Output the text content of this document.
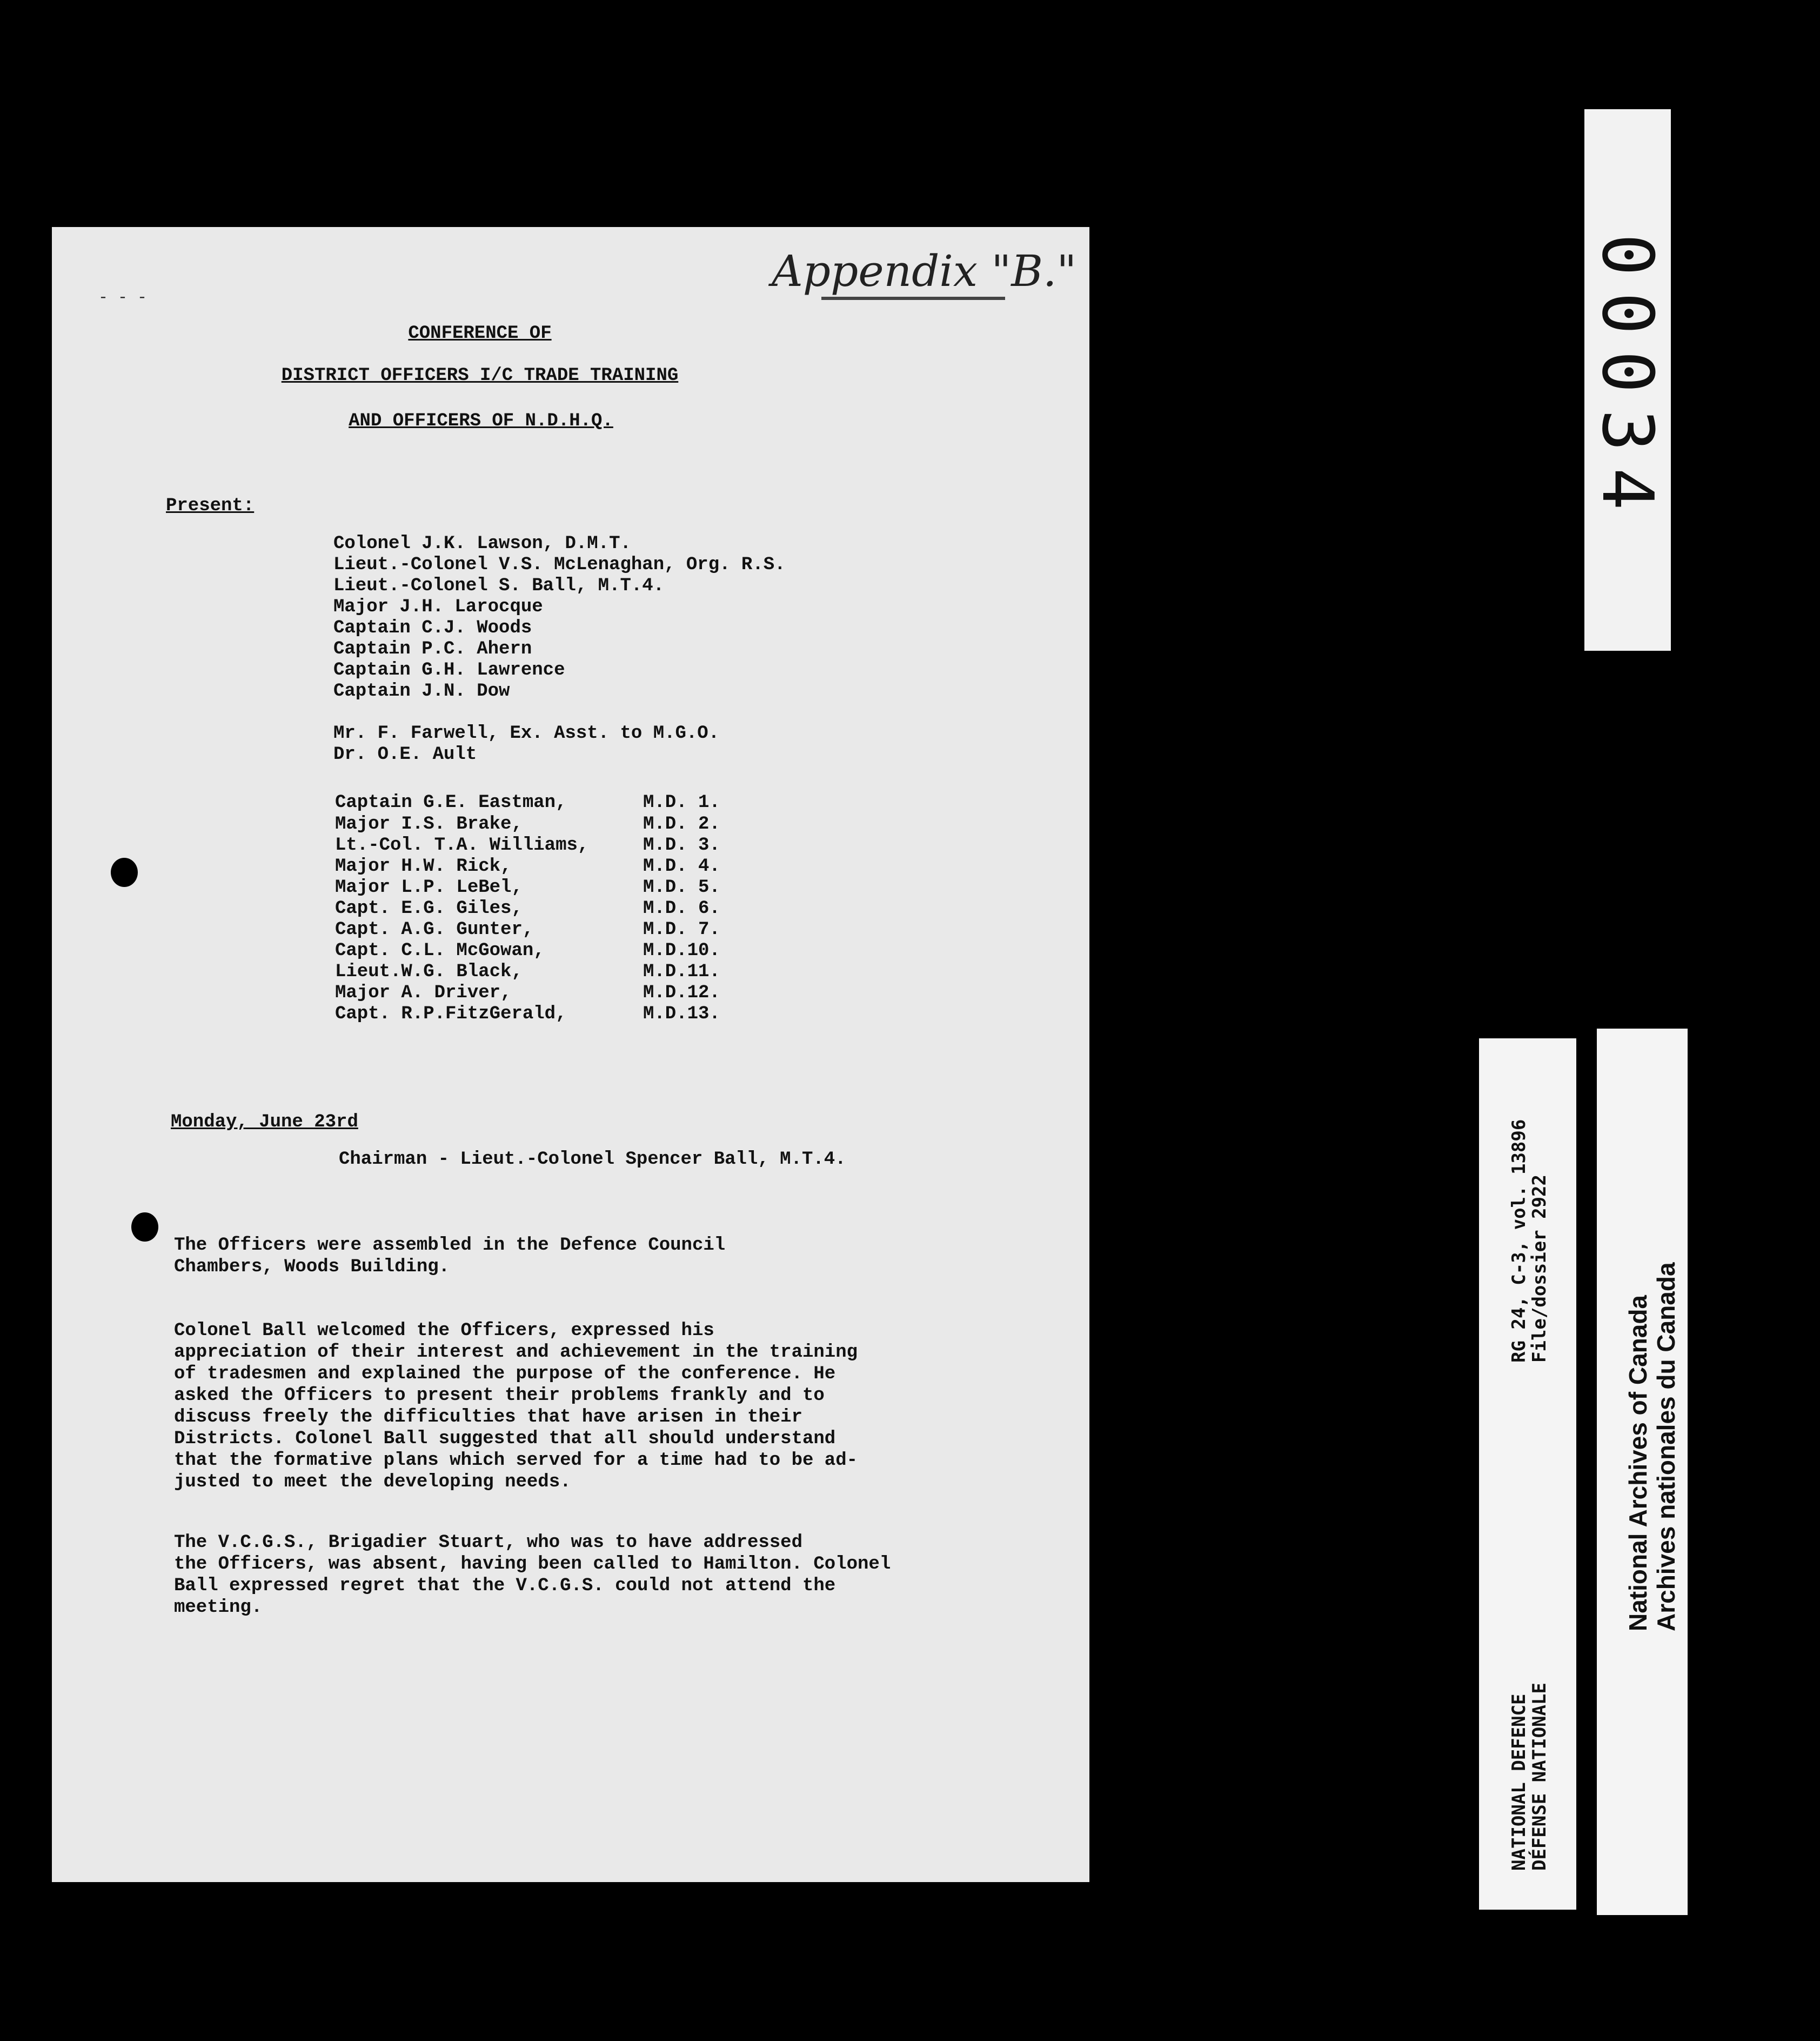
Appendix "B."
- - -

CONFERENCE OF

DISTRICT OFFICERS I/C TRADE TRAINING

AND OFFICERS OF N.D.H.Q.

Present:
Colonel J.K. Lawson, D.M.T.
Lieut.-Colonel V.S. McLenaghan, Org. R.S.
Lieut.-Colonel S. Ball, M.T.4.
Major J.H. Larocque
Captain C.J. Woods
Captain P.C. Ahern
Captain G.H. Lawrence
Captain J.N. Dow
Mr. F. Farwell, Ex. Asst. to M.G.O.
Dr. O.E. Ault
Captain G.E. Eastman,	M.D. 1.
Major I.S. Brake,	M.D. 2.
Lt.-Col. T.A. Williams,	M.D. 3.
Major H.W. Rick,	M.D. 4.
Major L.P. LeBel,	M.D. 5.
Capt. E.G. Giles,	M.D. 6.
Capt. A.G. Gunter,	M.D. 7.
Capt. C.L. McGowan,	M.D.10.
Lieut.W.G. Black,	M.D.11.
Major A. Driver,	M.D.12.
Capt. R.P.FitzGerald,	M.D.13.
Monday, June 23rd
Chairman - Lieut.-Colonel Spencer Ball, M.T.4.

The Officers were assembled in the Defence Council
Chambers, Woods Building.

Colonel Ball welcomed the Officers, expressed his
appreciation of their interest and achievement in the training
of tradesmen and explained the purpose of the conference. He
asked the Officers to present their problems frankly and to
discuss freely the difficulties that have arisen in their
Districts. Colonel Ball suggested that all should understand
that the formative plans which served for a time had to be ad-
justed to meet the developing needs.

The V.C.G.S., Brigadier Stuart, who was to have addressed
the Officers, was absent, having been called to Hamilton. Colonel
Ball expressed regret that the V.C.G.S. could not attend the
meeting.

00034
RG 24, C-3, vol. 13896
File/dossier 2922
NATIONAL DEFENCE
DÉFENSE NATIONALE
National Archives of Canada Archives nationales du Canada
